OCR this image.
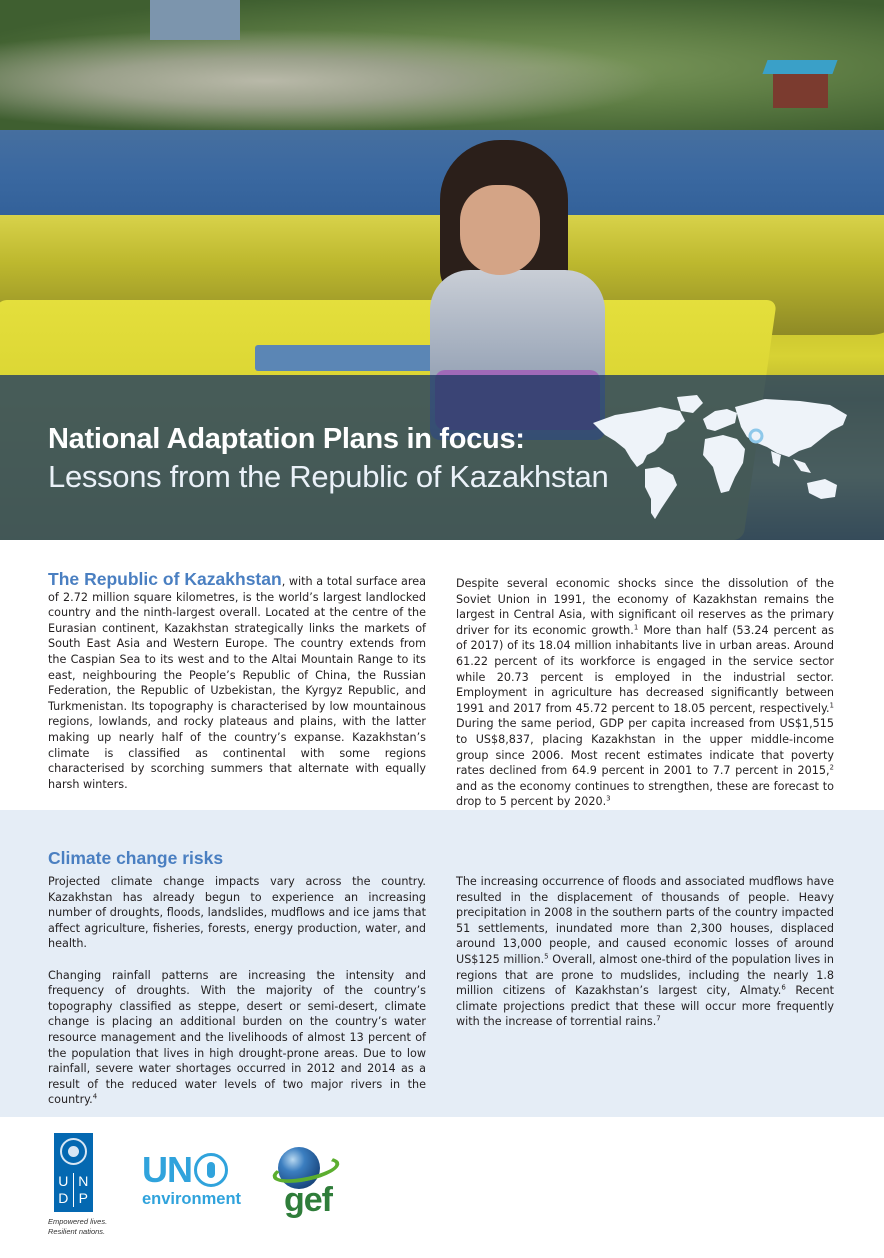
National Adaptation Plans in focus:
Lessons from the Republic of Kazakhstan

The Republic of Kazakhstan, with a total surface area of 2.72 million square kilometres, is the world’s largest landlocked country and the ninth-largest overall. Located at the centre of the Eurasian continent, Kazakhstan strategically links the markets of South East Asia and Western Europe. The country extends from the Caspian Sea to its west and to the Altai Mountain Range to its east, neighbouring the People’s Republic of China, the Russian Federation, the Republic of Uzbekistan, the Kyrgyz Republic, and Turkmenistan. Its topography is characterised by low mountainous regions, lowlands, and rocky plateaus and plains, with the latter making up nearly half of the country’s expanse. Kazakhstan’s climate is classified as continental with some regions characterised by scorching summers that alternate with equally harsh winters.

Despite several economic shocks since the dissolution of the Soviet Union in 1991, the economy of Kazakhstan remains the largest in Central Asia, with significant oil reserves as the primary driver for its economic growth.$^1$ More than half (53.24 percent as of 2017) of its 18.04 million inhabitants live in urban areas. Around 61.22 percent of its workforce is engaged in the service sector while 20.73 percent is employed in the industrial sector. Employment in agriculture has decreased significantly between 1991 and 2017 from 45.72 percent to 18.05 percent, respectively.$^1$ During the same period, GDP per capita increased from US$1,515 to US$8,837, placing Kazakhstan in the upper middle-income group since 2006. Most recent estimates indicate that poverty rates declined from 64.9 percent in 2001 to 7.7 percent in 2015,$^2$ and as the economy continues to strengthen, these are forecast to drop to 5 percent by 2020.$^3$

Climate change risks

Projected climate change impacts vary across the country. Kazakhstan has already begun to experience an increasing number of droughts, floods, landslides, mudflows and ice jams that affect agriculture, fisheries, forests, energy production, water, and health.

Changing rainfall patterns are increasing the intensity and frequency of droughts. With the majority of the country’s topography classified as steppe, desert or semi-desert, climate change is placing an additional burden on the country’s water resource management and the livelihoods of almost 13 percent of the population that lives in high drought-prone areas. Due to low rainfall, severe water shortages occurred in 2012 and 2014 as a result of the reduced water levels of two major rivers in the country.$^4$

The increasing occurrence of floods and associated mudflows have resulted in the displacement of thousands of people. Heavy precipitation in 2008 in the southern parts of the country impacted 51 settlements, inundated more than 2,300 houses, displaced around 13,000 people, and caused economic losses of around US$125 million.$^5$ Overall, almost one-third of the population lives in regions that are prone to mudslides, including the nearly 1.8 million citizens of Kazakhstan’s largest city, Almaty.$^6$ Recent climate projections predict that these will occur more frequently with the increase of torrential rains.$^7$

U N
D P
Empowered lives.
Resilient nations.
UN
environment gef
